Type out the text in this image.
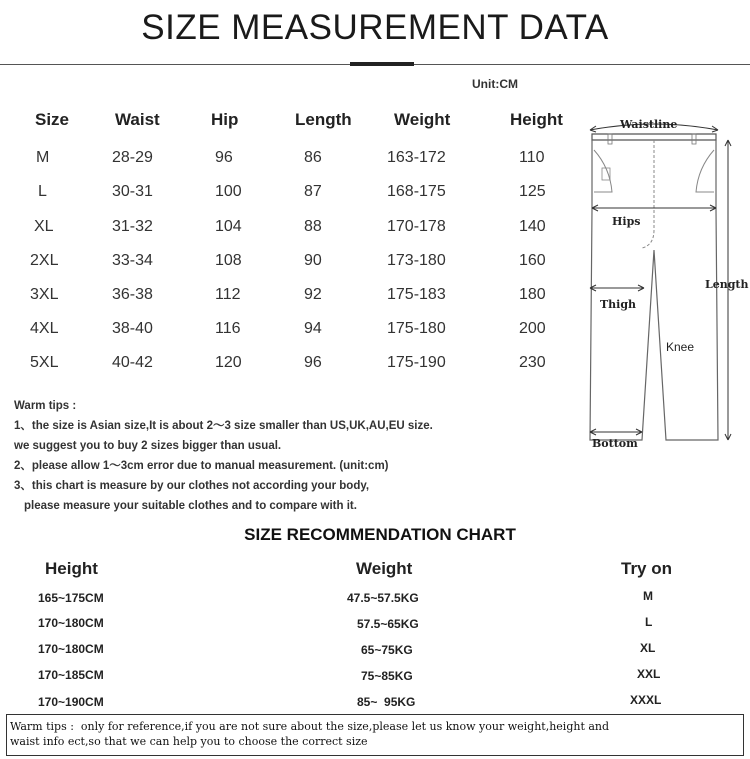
SIZE MEASUREMENT DATA
Unit:CM
Size	Waist	Hip	Length Weight	Height
M	28-29	96	86	163-172	110
L	30-31	100	87	168-175	125
XL	31-32	104	88	170-178	140
2XL	33-34	108	90	173-180	160
3XL	36-38	112	92	175-183	180
4XL	38-40	116	94	175-180	200
5XL	40-42	120	96	175-190	230
Waistline
Hips
Length
Thigh
Knee
Bottom
Warm tips :
1、the size is Asian size,It is about 2～3 size smaller than US,UK,AU,EU size.
we suggest you to buy 2 sizes bigger than usual.
2、please allow 1～3cm error due to manual measurement. (unit:cm)
3、this chart is measure by our clothes not according your body,
please measure your suitable clothes and to compare with it.
SIZE RECOMMENDATION CHART
Height	Weight	Try on
165~175CM	47.5~57.5KG	M
170~180CM	57.5~65KG	L
170~180CM	65~75KG	XL
170~185CM	75~85KG	XXL
170~190CM	85~  95KG	XXXL
Warm tips :  only for reference,if you are not sure about the size,please let us know your weight,height and
waist info ect,so that we can help you to choose the correct size
